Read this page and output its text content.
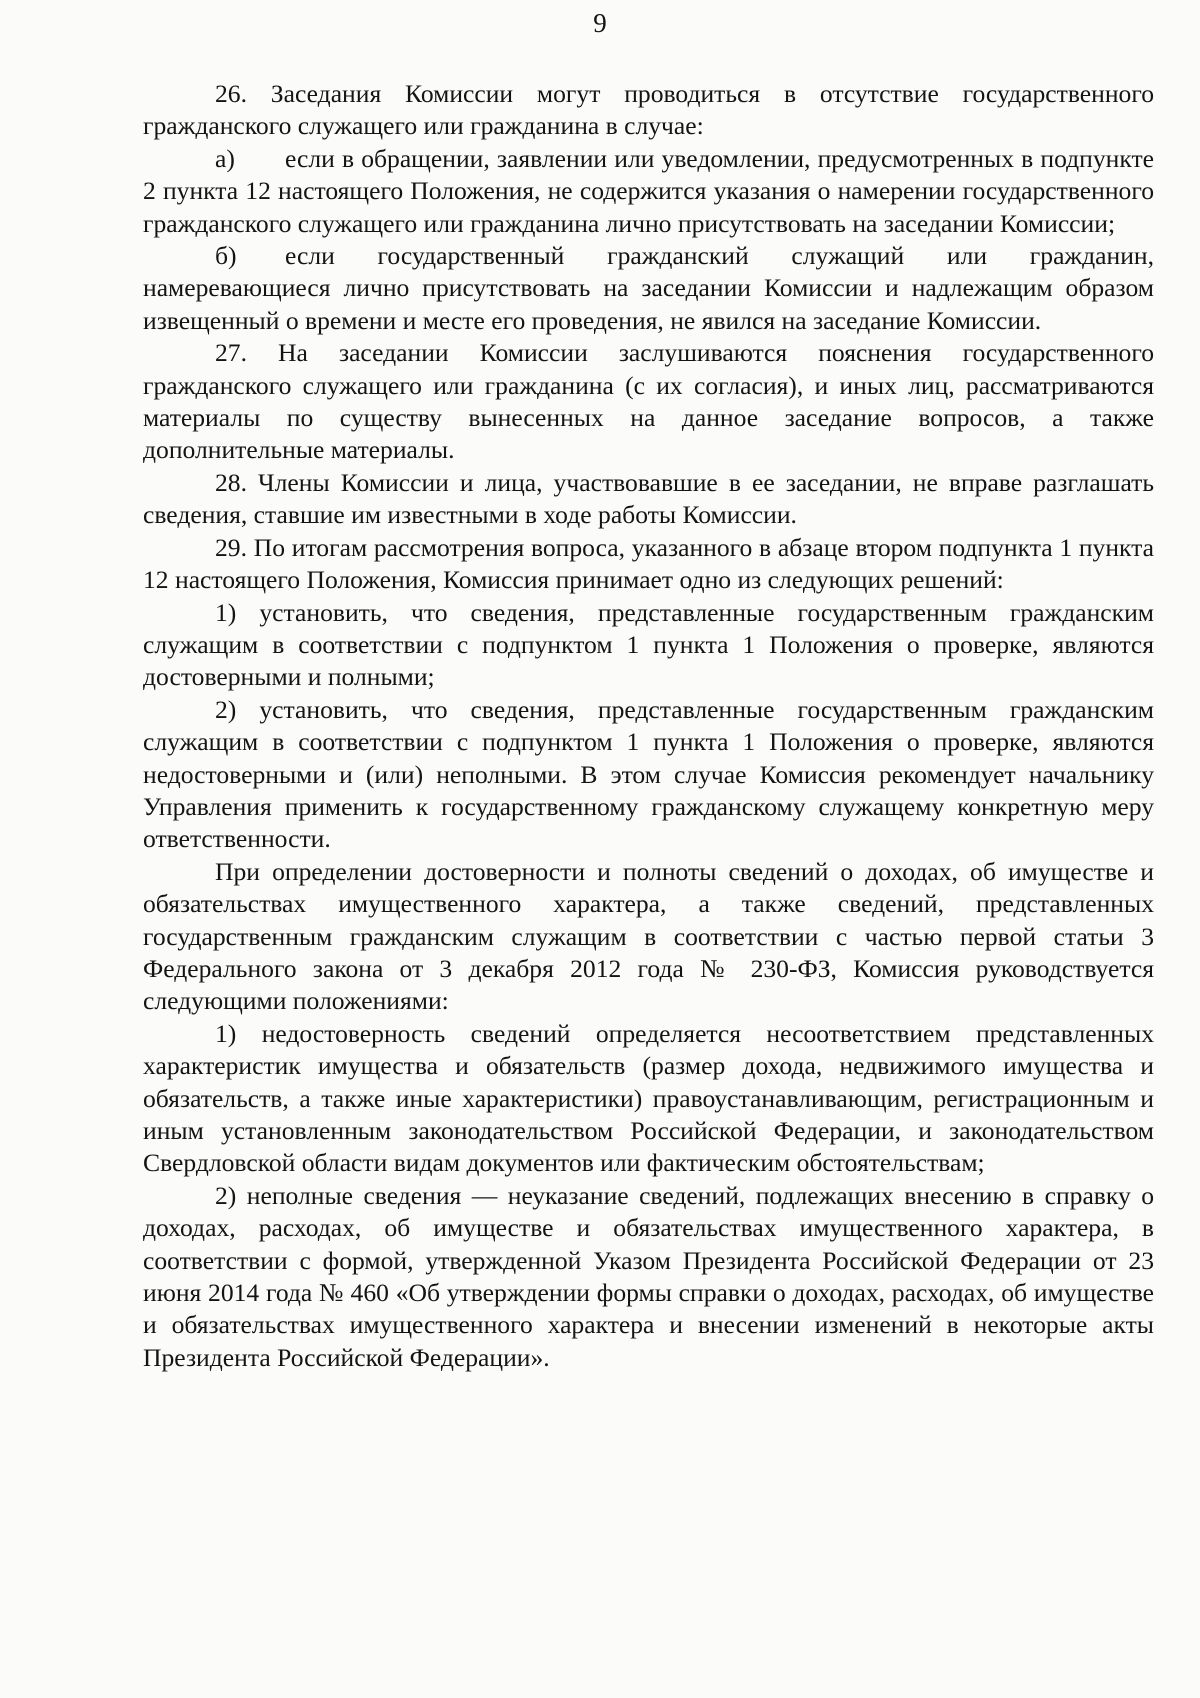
9

26. Заседания Комиссии могут проводиться в отсутствие государственного гражданского служащего или гражданина в случае:

а) если в обращении, заявлении или уведомлении, предусмотренных в подпункте 2 пункта 12 настоящего Положения, не содержится указания о намерении государственного гражданского служащего или гражданина лично присутствовать на заседании Комиссии;

б) если государственный гражданский служащий или гражданин, намеревающиеся лично присутствовать на заседании Комиссии и надлежащим образом извещенный о времени и месте его проведения, не явился на заседание Комиссии.

27. На заседании Комиссии заслушиваются пояснения государственного гражданского служащего или гражданина (с их согласия), и иных лиц, рассматриваются материалы по существу вынесенных на данное заседание вопросов, а также дополнительные материалы.

28. Члены Комиссии и лица, участвовавшие в ее заседании, не вправе разглашать сведения, ставшие им известными в ходе работы Комиссии.

29. По итогам рассмотрения вопроса, указанного в абзаце втором подпункта 1 пункта 12 настоящего Положения, Комиссия принимает одно из следующих решений:

1) установить, что сведения, представленные государственным гражданским служащим в соответствии с подпунктом 1 пункта 1 Положения о проверке, являются достоверными и полными;

2) установить, что сведения, представленные государственным гражданским служащим в соответствии с подпунктом 1 пункта 1 Положения о проверке, являются недостоверными и (или) неполными. В этом случае Комиссия рекомендует начальнику Управления применить к государственному гражданскому служащему конкретную меру ответственности.

При определении достоверности и полноты сведений о доходах, об имуществе и обязательствах имущественного характера, а также сведений, представленных государственным гражданским служащим в соответствии с частью первой статьи 3 Федерального закона от 3 декабря 2012 года № 230-ФЗ, Комиссия руководствуется следующими положениями:

1) недостоверность сведений определяется несоответствием представленных характеристик имущества и обязательств (размер дохода, недвижимого имущества и обязательств, а также иные характеристики) правоустанавливающим, регистрационным и иным установленным законодательством Российской Федерации, и законодательством Свердловской области видам документов или фактическим обстоятельствам;

2) неполные сведения — неуказание сведений, подлежащих внесению в справку о доходах, расходах, об имуществе и обязательствах имущественного характера, в соответствии с формой, утвержденной Указом Президента Российской Федерации от 23 июня 2014 года № 460 «Об утверждении формы справки о доходах, расходах, об имуществе и обязательствах имущественного характера и внесении изменений в некоторые акты Президента Российской Федерации».
